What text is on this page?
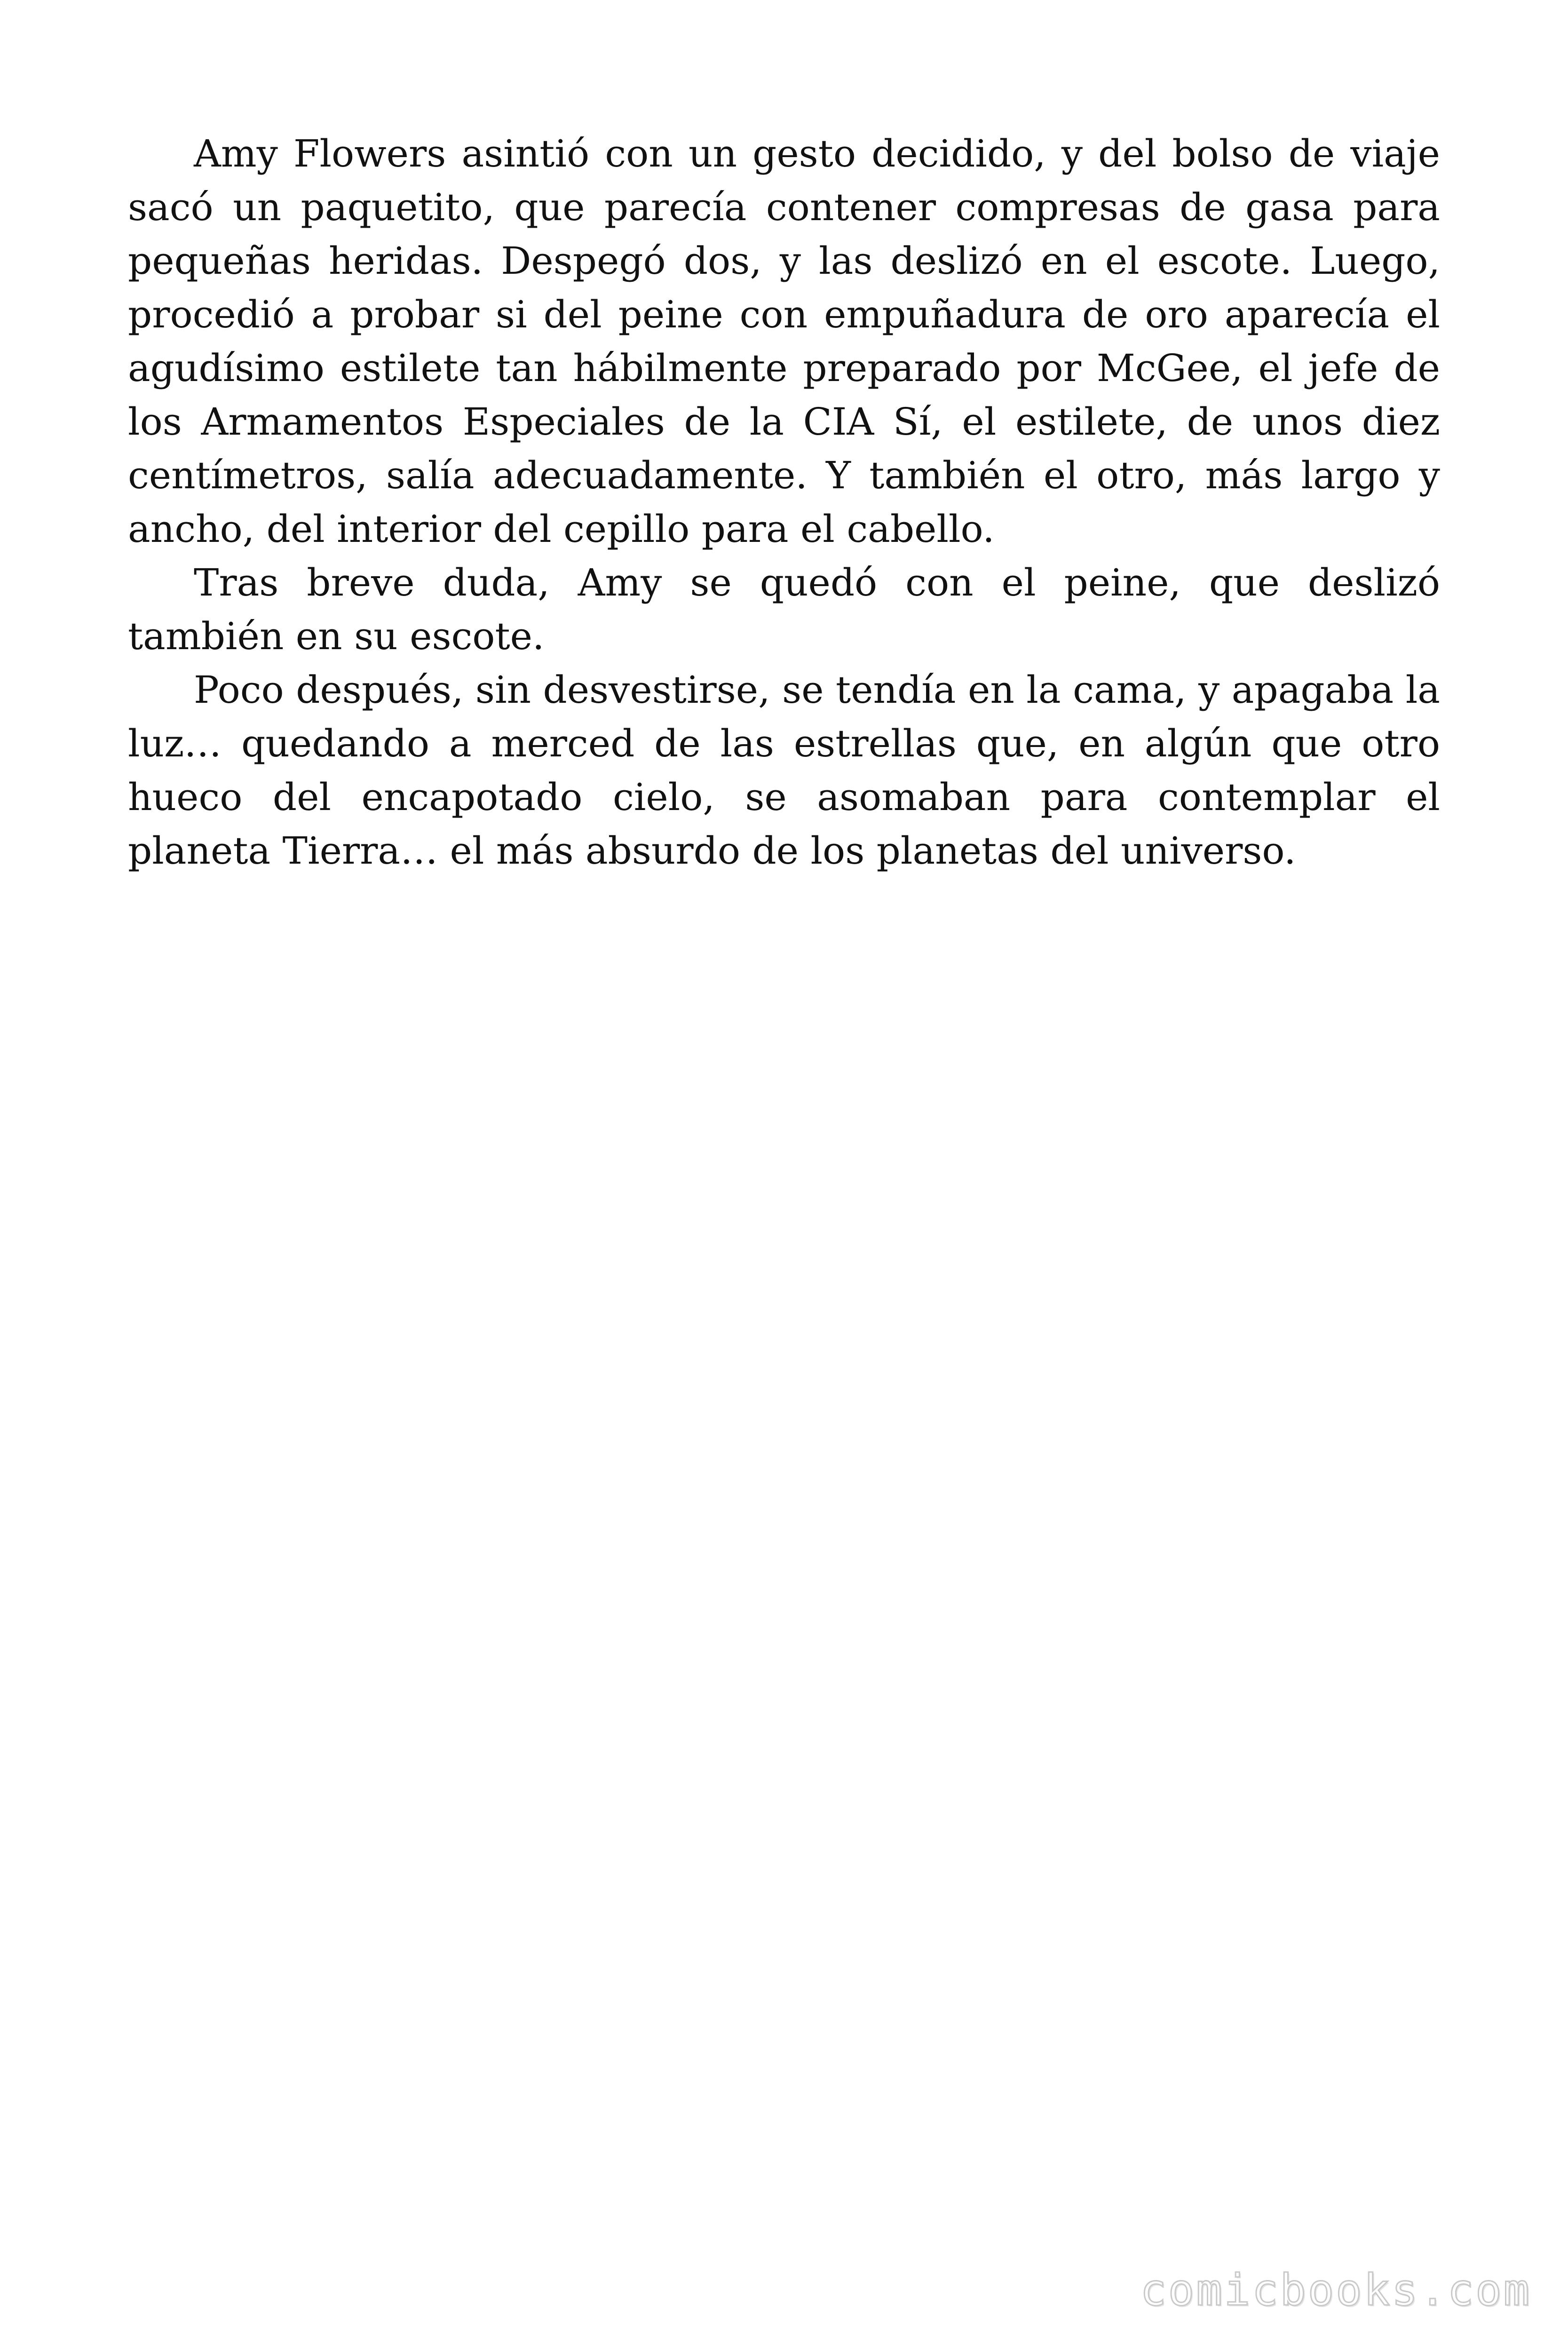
Amy Flowers asintió con un gesto decidido, y del bolso de viaje sacó un paquetito, que parecía contener compresas de gasa para pequeñas heridas. Despegó dos, y las deslizó en el escote. Luego, procedió a probar si del peine con empuñadura de oro aparecía el agudísimo estilete tan hábilmente preparado por McGee, el jefe de los Armamentos Especiales de la CIA Sí, el estilete, de unos diez centímetros, salía adecuadamente. Y también el otro, más largo y ancho, del interior del cepillo para el cabello.

Tras breve duda, Amy se quedó con el peine, que deslizó también en su escote.

Poco después, sin desvestirse, se tendía en la cama, y apagaba la luz… quedando a merced de las estrellas que, en algún que otro hueco del encapotado cielo, se asomaban para contemplar el planeta Tierra… el más absurdo de los planetas del universo.

comicbooks.com
